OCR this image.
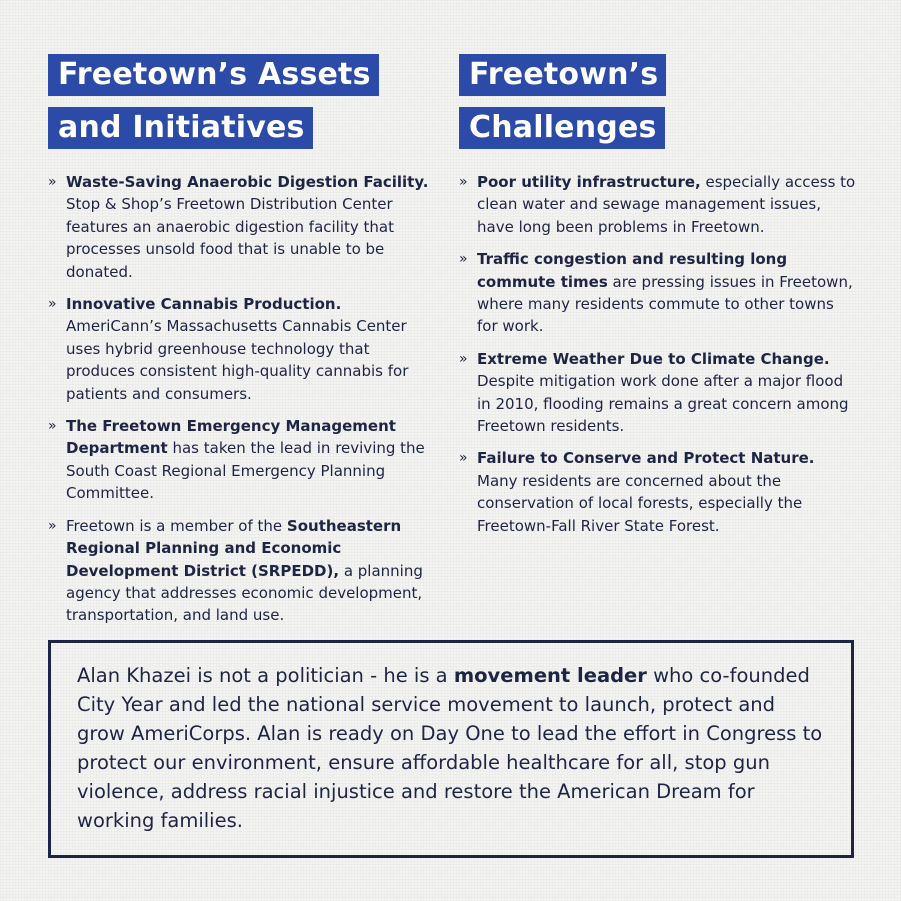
Freetown’s Assets
and Initiatives
» Waste-Saving Anaerobic Digestion Facility. Stop & Shop’s Freetown Distribution Center features an anaerobic digestion facility that processes unsold food that is unable to be donated.
» Innovative Cannabis Production. AmeriCann’s Massachusetts Cannabis Center uses hybrid greenhouse technology that produces consistent high-quality cannabis for patients and consumers.
» The Freetown Emergency Management Department has taken the lead in reviving the South Coast Regional Emergency Planning Committee.
» Freetown is a member of the Southeastern Regional Planning and Economic Development District (SRPEDD), a planning agency that addresses economic development, transportation, and land use.
Freetown’s
Challenges
» Poor utility infrastructure, especially access to clean water and sewage management issues, have long been problems in Freetown.
» Traffic congestion and resulting long commute times are pressing issues in Freetown, where many residents commute to other towns for work.
» Extreme Weather Due to Climate Change. Despite mitigation work done after a major flood in 2010, flooding remains a great concern among Freetown residents.
» Failure to Conserve and Protect Nature. Many residents are concerned about the conservation of local forests, especially the Freetown-Fall River State Forest.
Alan Khazei is not a politician - he is a movement leader who co-founded City Year and led the national service movement to launch, protect and grow AmeriCorps. Alan is ready on Day One to lead the effort in Congress to protect our environment, ensure affordable healthcare for all, stop gun violence, address racial injustice and restore the American Dream for working families.
